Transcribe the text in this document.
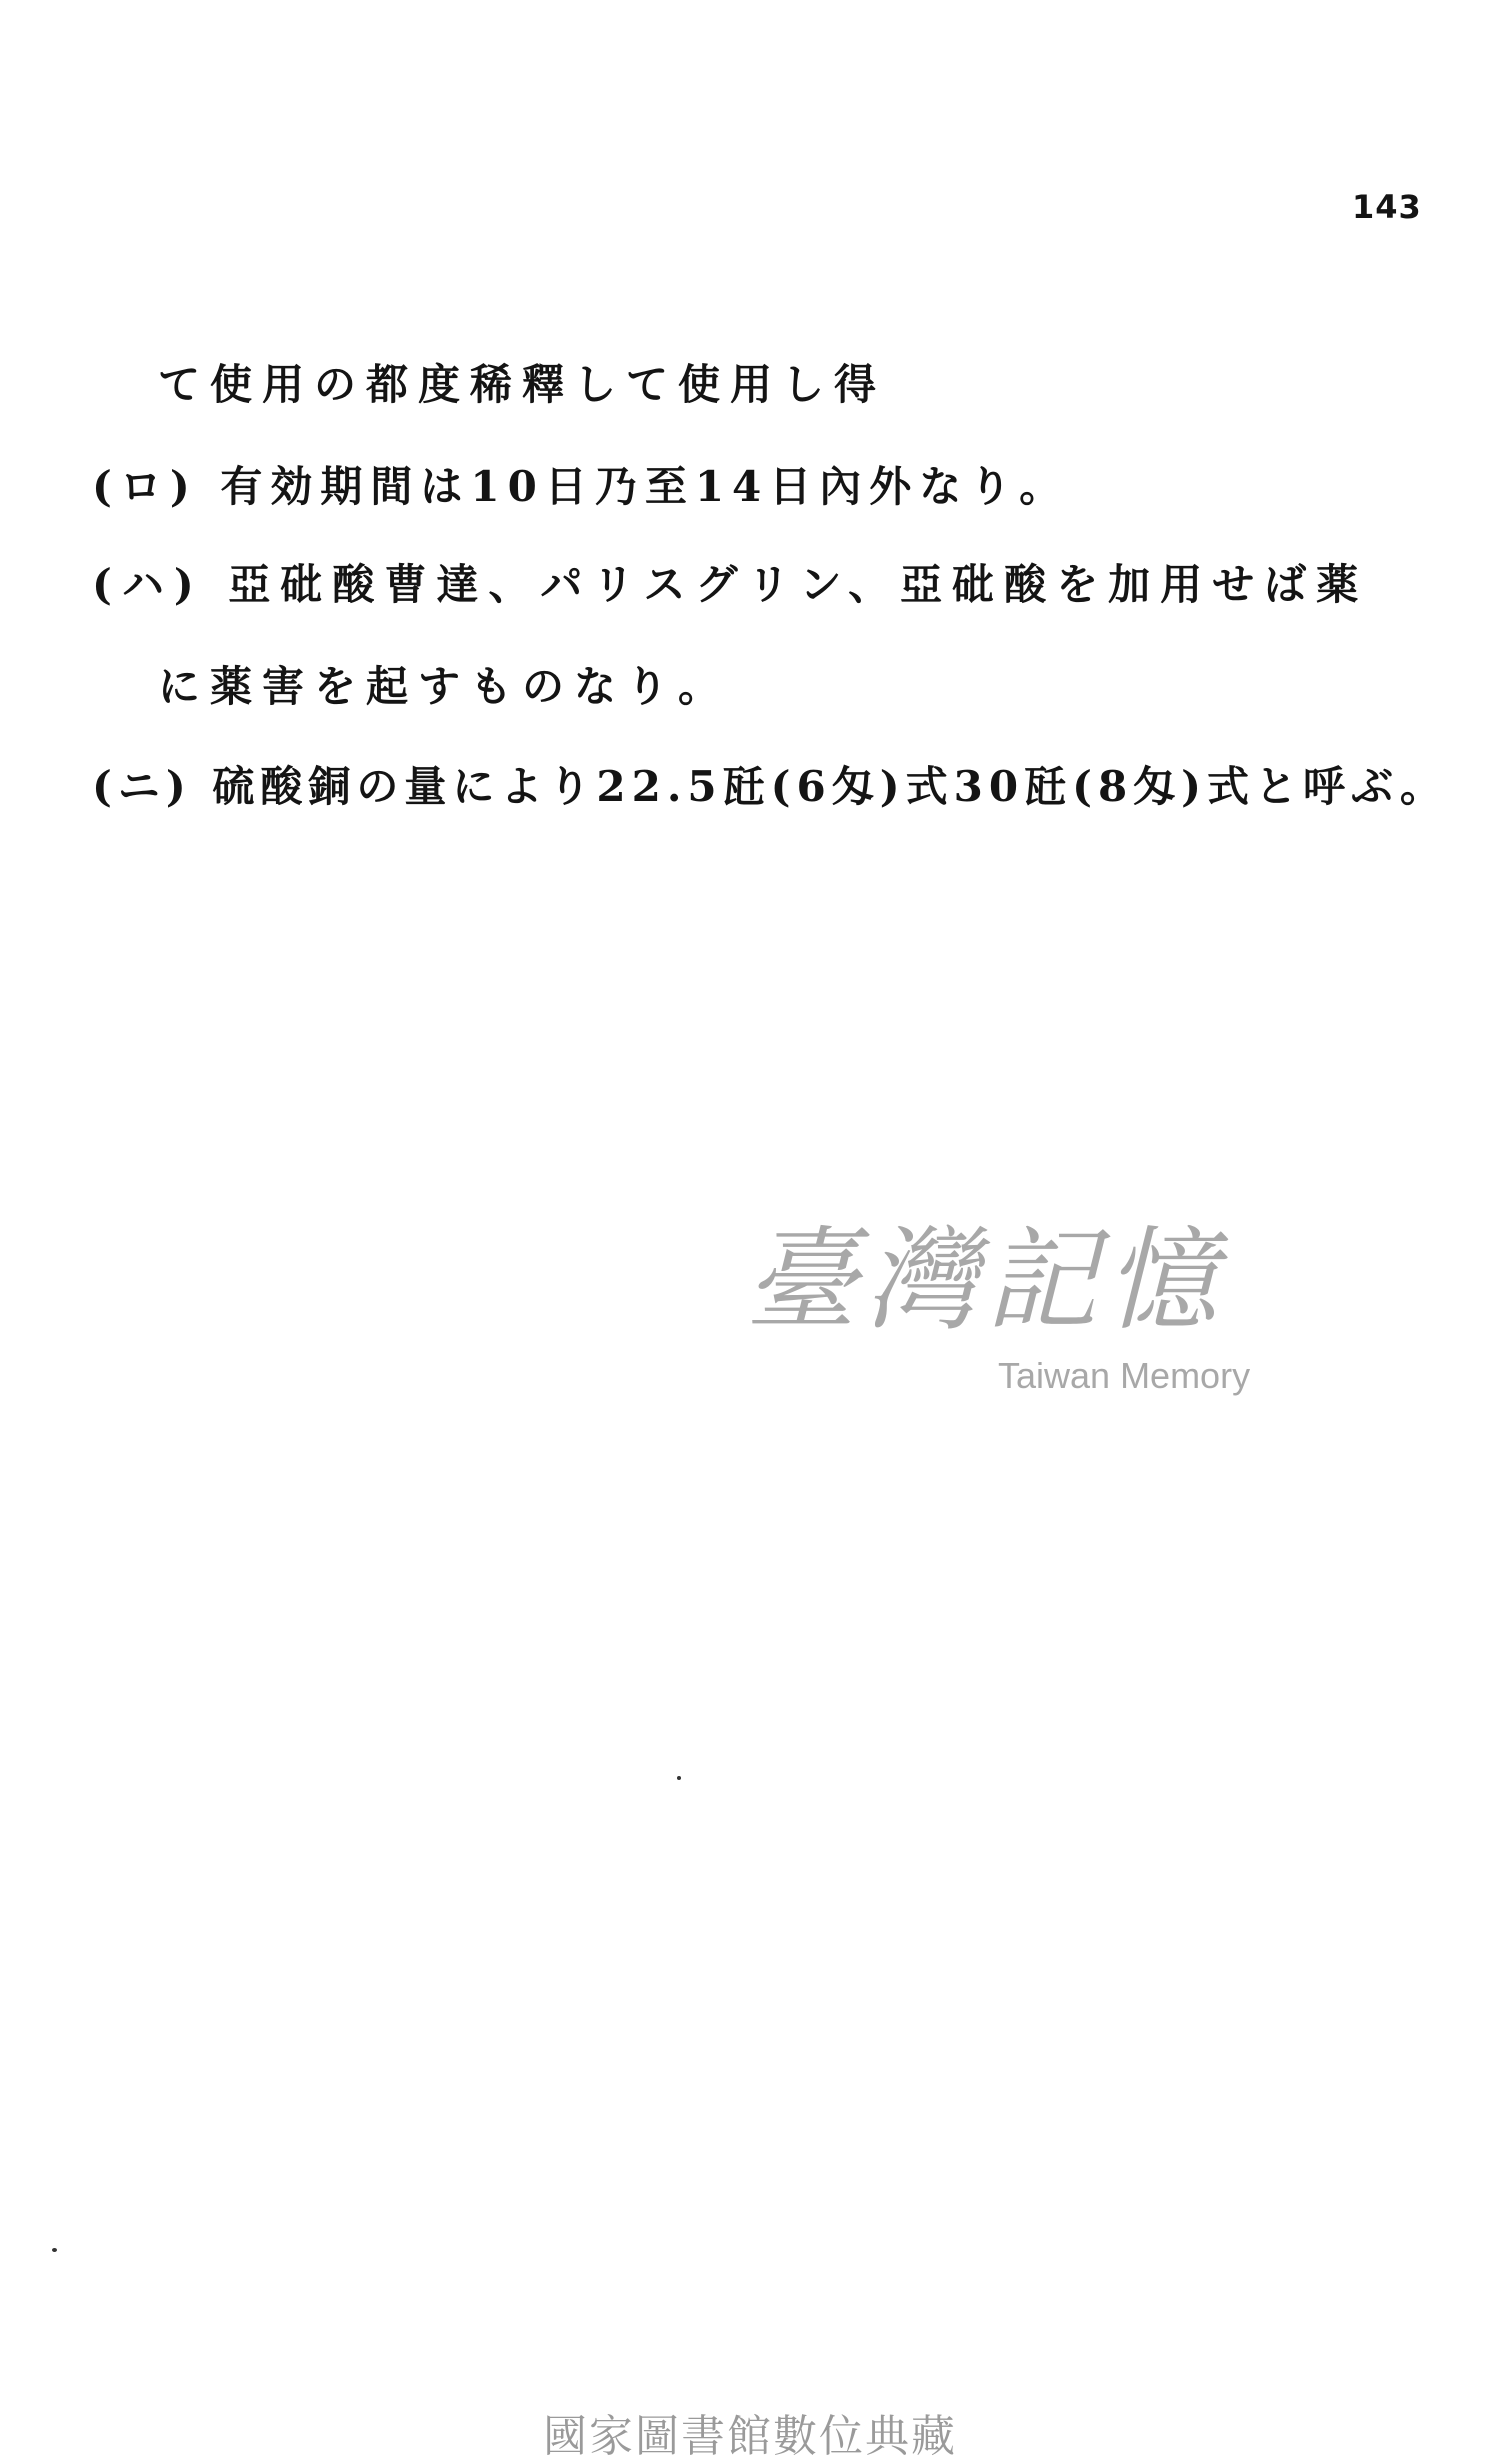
143
て使用の都度稀釋して使用し得
(ロ) 有効期間は10日乃至14日內外なり。
(ハ) 亞砒酸曹達、パリスグリン、亞砒酸を加用せば薬
に薬害を起すものなり。
(ニ) 硫酸銅の量により22.5瓩(6匁)式30瓩(8匁)式と呼ぶ。
臺灣記憶
Taiwan Memory
國家圖書館數位典藏
